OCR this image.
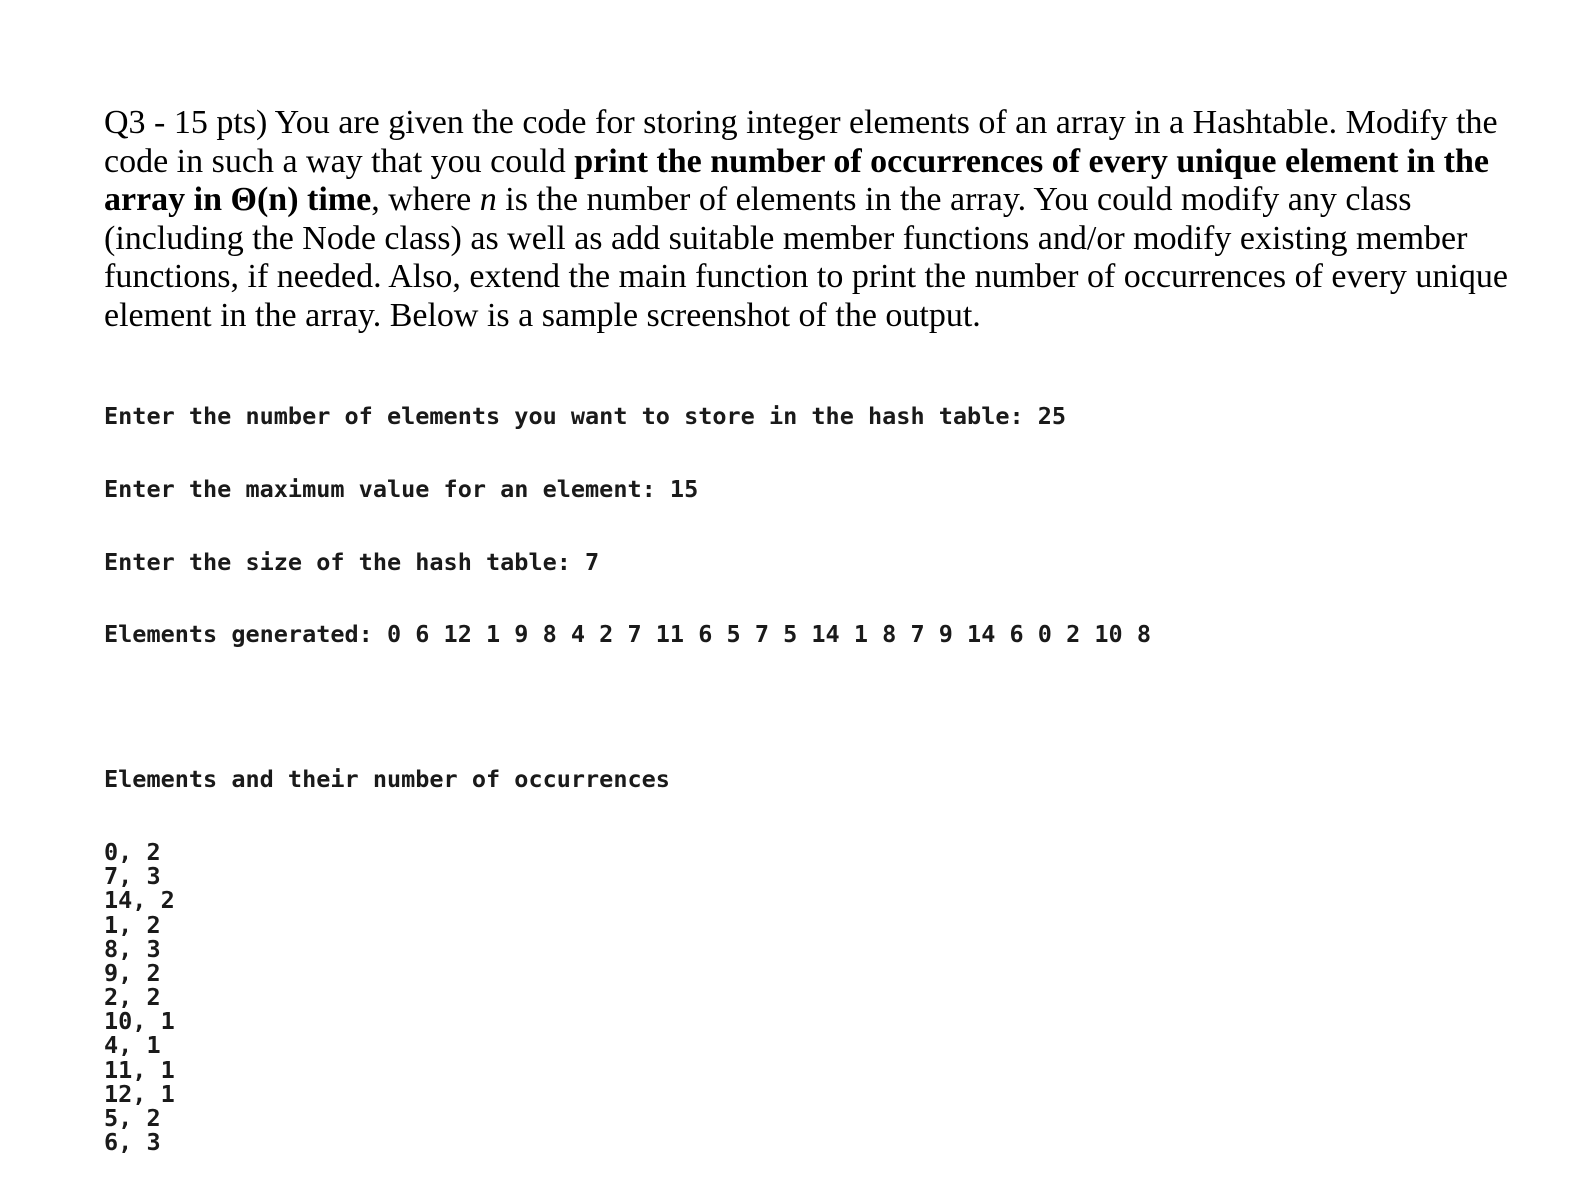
Q3 - 15 pts) You are given the code for storing integer elements of an array in a Hashtable. Modify the
code in such a way that you could print the number of occurrences of every unique element in the
array in Θ(n) time, where n is the number of elements in the array. You could modify any class
(including the Node class) as well as add suitable member functions and/or modify existing member
functions, if needed. Also, extend the main function to print the number of occurrences of every unique
element in the array. Below is a sample screenshot of the output.

Enter the number of elements you want to store in the hash table: 25

Enter the maximum value for an element: 15

Enter the size of the hash table: 7

Elements generated: 0 6 12 1 9 8 4 2 7 11 6 5 7 5 14 1 8 7 9 14 6 0 2 10 8

Elements and their number of occurrences

0, 2
7, 3
14, 2
1, 2
8, 3
9, 2
2, 2
10, 1
4, 1
11, 1
12, 1
5, 2
6, 3
